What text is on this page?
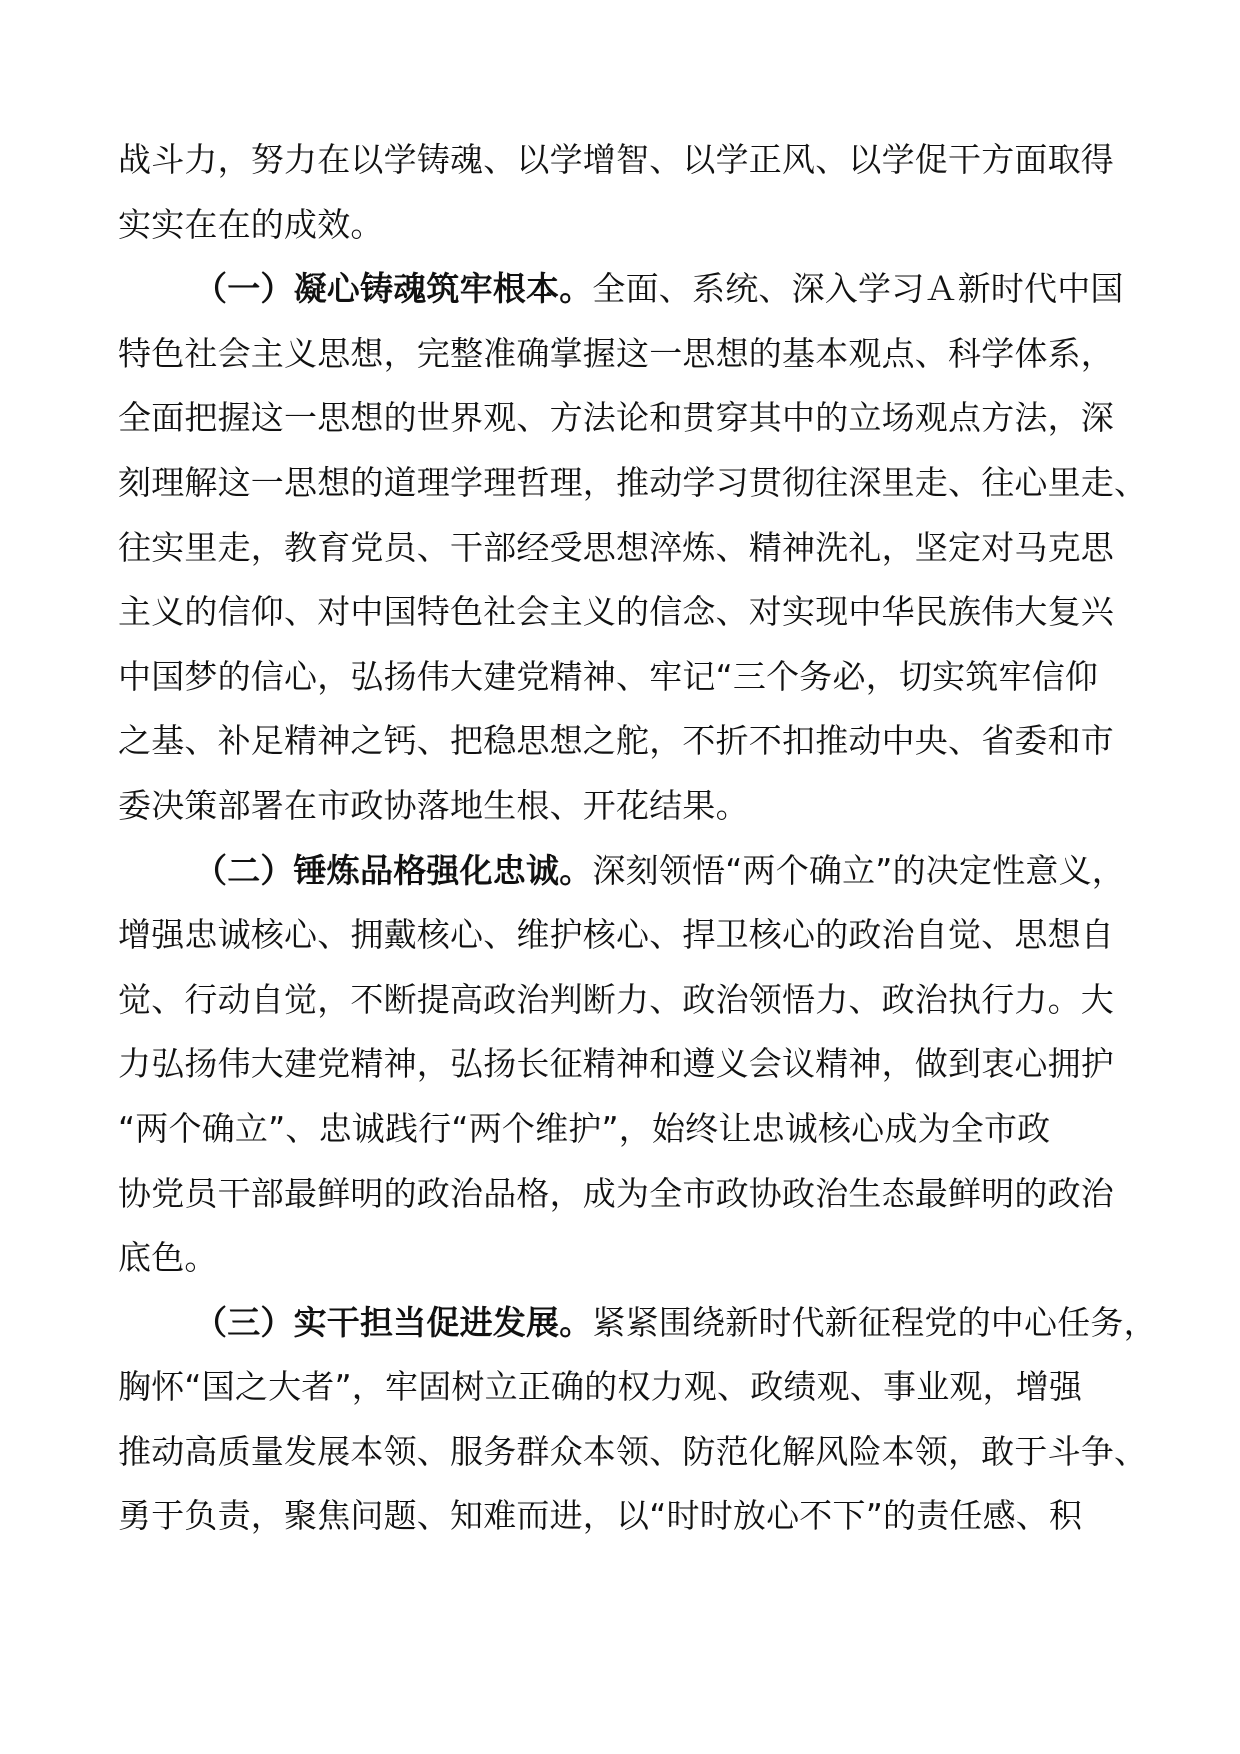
战斗力，努力在以学铸魂、以学增智、以学正风、以学促干方面取得
实实在在的成效。
（一）凝心铸魂筑牢根本。全面、系统、深入学习Ａ新时代中国
特色社会主义思想，完整准确掌握这一思想的基本观点、科学体系，
全面把握这一思想的世界观、方法论和贯穿其中的立场观点方法，深
刻理解这一思想的道理学理哲理，推动学习贯彻往深里走、往心里走、
往实里走，教育党员、干部经受思想淬炼、精神洗礼，坚定对马克思
主义的信仰、对中国特色社会主义的信念、对实现中华民族伟大复兴
中国梦的信心，弘扬伟大建党精神、牢记“三个务必，切实筑牢信仰
之基、补足精神之钙、把稳思想之舵，不折不扣推动中央、省委和市
委决策部署在市政协落地生根、开花结果。
（二）锤炼品格强化忠诚。深刻领悟“两个确立”的决定性意义，
增强忠诚核心、拥戴核心、维护核心、捍卫核心的政治自觉、思想自
觉、行动自觉，不断提高政治判断力、政治领悟力、政治执行力。大
力弘扬伟大建党精神，弘扬长征精神和遵义会议精神，做到衷心拥护
“两个确立”、忠诚践行“两个维护”，始终让忠诚核心成为全市政
协党员干部最鲜明的政治品格，成为全市政协政治生态最鲜明的政治
底色。
（三）实干担当促进发展。紧紧围绕新时代新征程党的中心任务，
胸怀“国之大者”，牢固树立正确的权力观、政绩观、事业观，增强
推动高质量发展本领、服务群众本领、防范化解风险本领，敢于斗争、
勇于负责，聚焦问题、知难而进，以“时时放心不下”的责任感、积
